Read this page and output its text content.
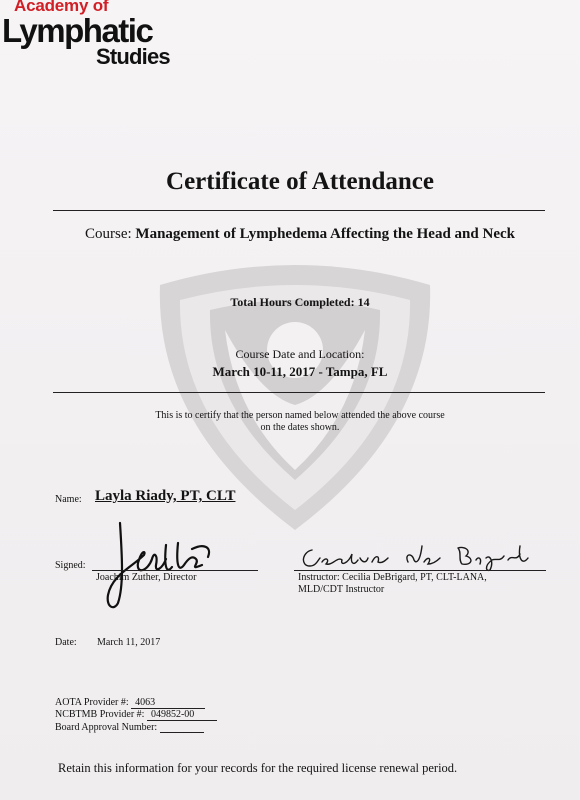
Academy of
Lymphatic
Studies
Certificate of Attendance
Course: Management of Lymphedema Affecting the Head and Neck
Total Hours Completed: 14
Course Date and Location:
March 10-11, 2017 - Tampa, FL
This is to certify that the person named below attended the above course on the dates shown.
Name: Layla Riady, PT, CLT
Signed:
Joachim Zuther, Director	Instructor: Cecilia DeBrigard, PT, CLT-LANA,
MLD/CDT Instructor
Date: March 11, 2017
AOTA Provider #: 4063
NCBTMB Provider #: 049852-00
Board Approval Number:
Retain this information for your records for the required license renewal period.
